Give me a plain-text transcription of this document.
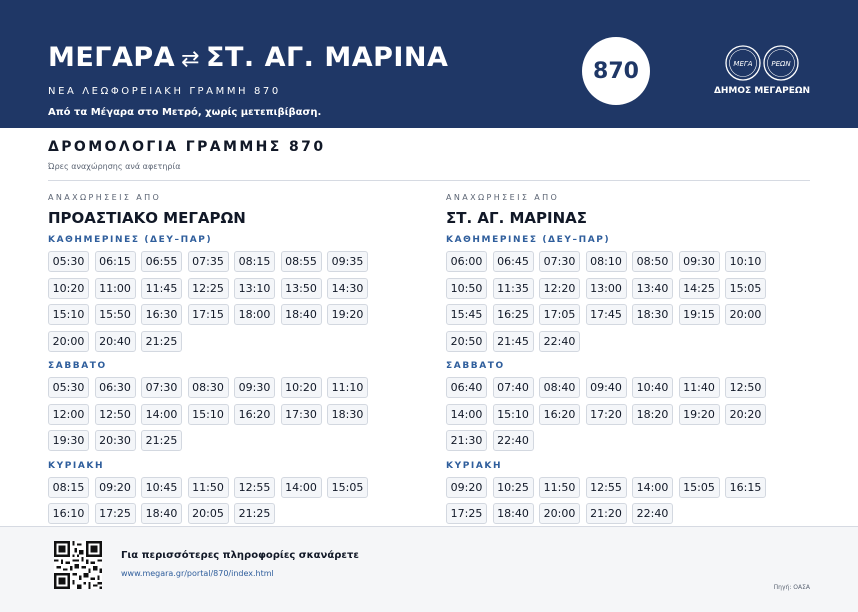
ΜΕΓΑΡΑ ⇄ ΣΤ. ΑΓ. ΜΑΡΙΝΑ
ΝΕΑ ΛΕΩΦΟΡΕΙΑΚΗ ΓΡΑΜΜΗ 870
Από τα Μέγαρα στο Μετρό, χωρίς μετεπιβίβαση.
870	ΜΕΓΑ	ΡΕΩΝ
ΔΗΜΟΣ ΜΕΓΑΡΕΩΝ
ΔΡΟΜΟΛΟΓΙΑ ΓΡΑΜΜΗΣ 870
Ώρες αναχώρησης ανά αφετηρία
ΑΝΑΧΩΡΗΣΕΙΣ ΑΠΟ
ΠΡΟΑΣΤΙΑΚΟ ΜΕΓΑΡΩΝ
ΚΑΘΗΜΕΡΙΝΕΣ (ΔΕΥ–ΠΑΡ)
05:30	06:15	06:55	07:35	08:15	08:55	09:35
10:20	11:00	11:45	12:25	13:10	13:50	14:30
15:10	15:50	16:30	17:15	18:00	18:40	19:20
20:00	20:40	21:25
ΣΑΒΒΑΤΟ
05:30	06:30	07:30	08:30	09:30	10:20	11:10
12:00	12:50	14:00	15:10	16:20	17:30	18:30
19:30	20:30	21:25
ΚΥΡΙΑΚΗ
08:15	09:20	10:45	11:50	12:55	14:00	15:05
16:10	17:25	18:40	20:05	21:25
ΑΝΑΧΩΡΗΣΕΙΣ ΑΠΟ
ΣΤ. ΑΓ. ΜΑΡΙΝΑΣ
ΚΑΘΗΜΕΡΙΝΕΣ (ΔΕΥ–ΠΑΡ)
06:00	06:45	07:30	08:10	08:50	09:30	10:10
10:50	11:35	12:20	13:00	13:40	14:25	15:05
15:45	16:25	17:05	17:45	18:30	19:15	20:00
20:50	21:45	22:40
ΣΑΒΒΑΤΟ
06:40	07:40	08:40	09:40	10:40	11:40	12:50
14:00	15:10	16:20	17:20	18:20	19:20	20:20
21:30	22:40
ΚΥΡΙΑΚΗ
09:20	10:25	11:50	12:55	14:00	15:05	16:15
17:25	18:40	20:00	21:20	22:40
Για περισσότερες πληροφορίες σκανάρετε
www.megara.gr/portal/870/index.html
Πηγή: ΟΑΣΑ
